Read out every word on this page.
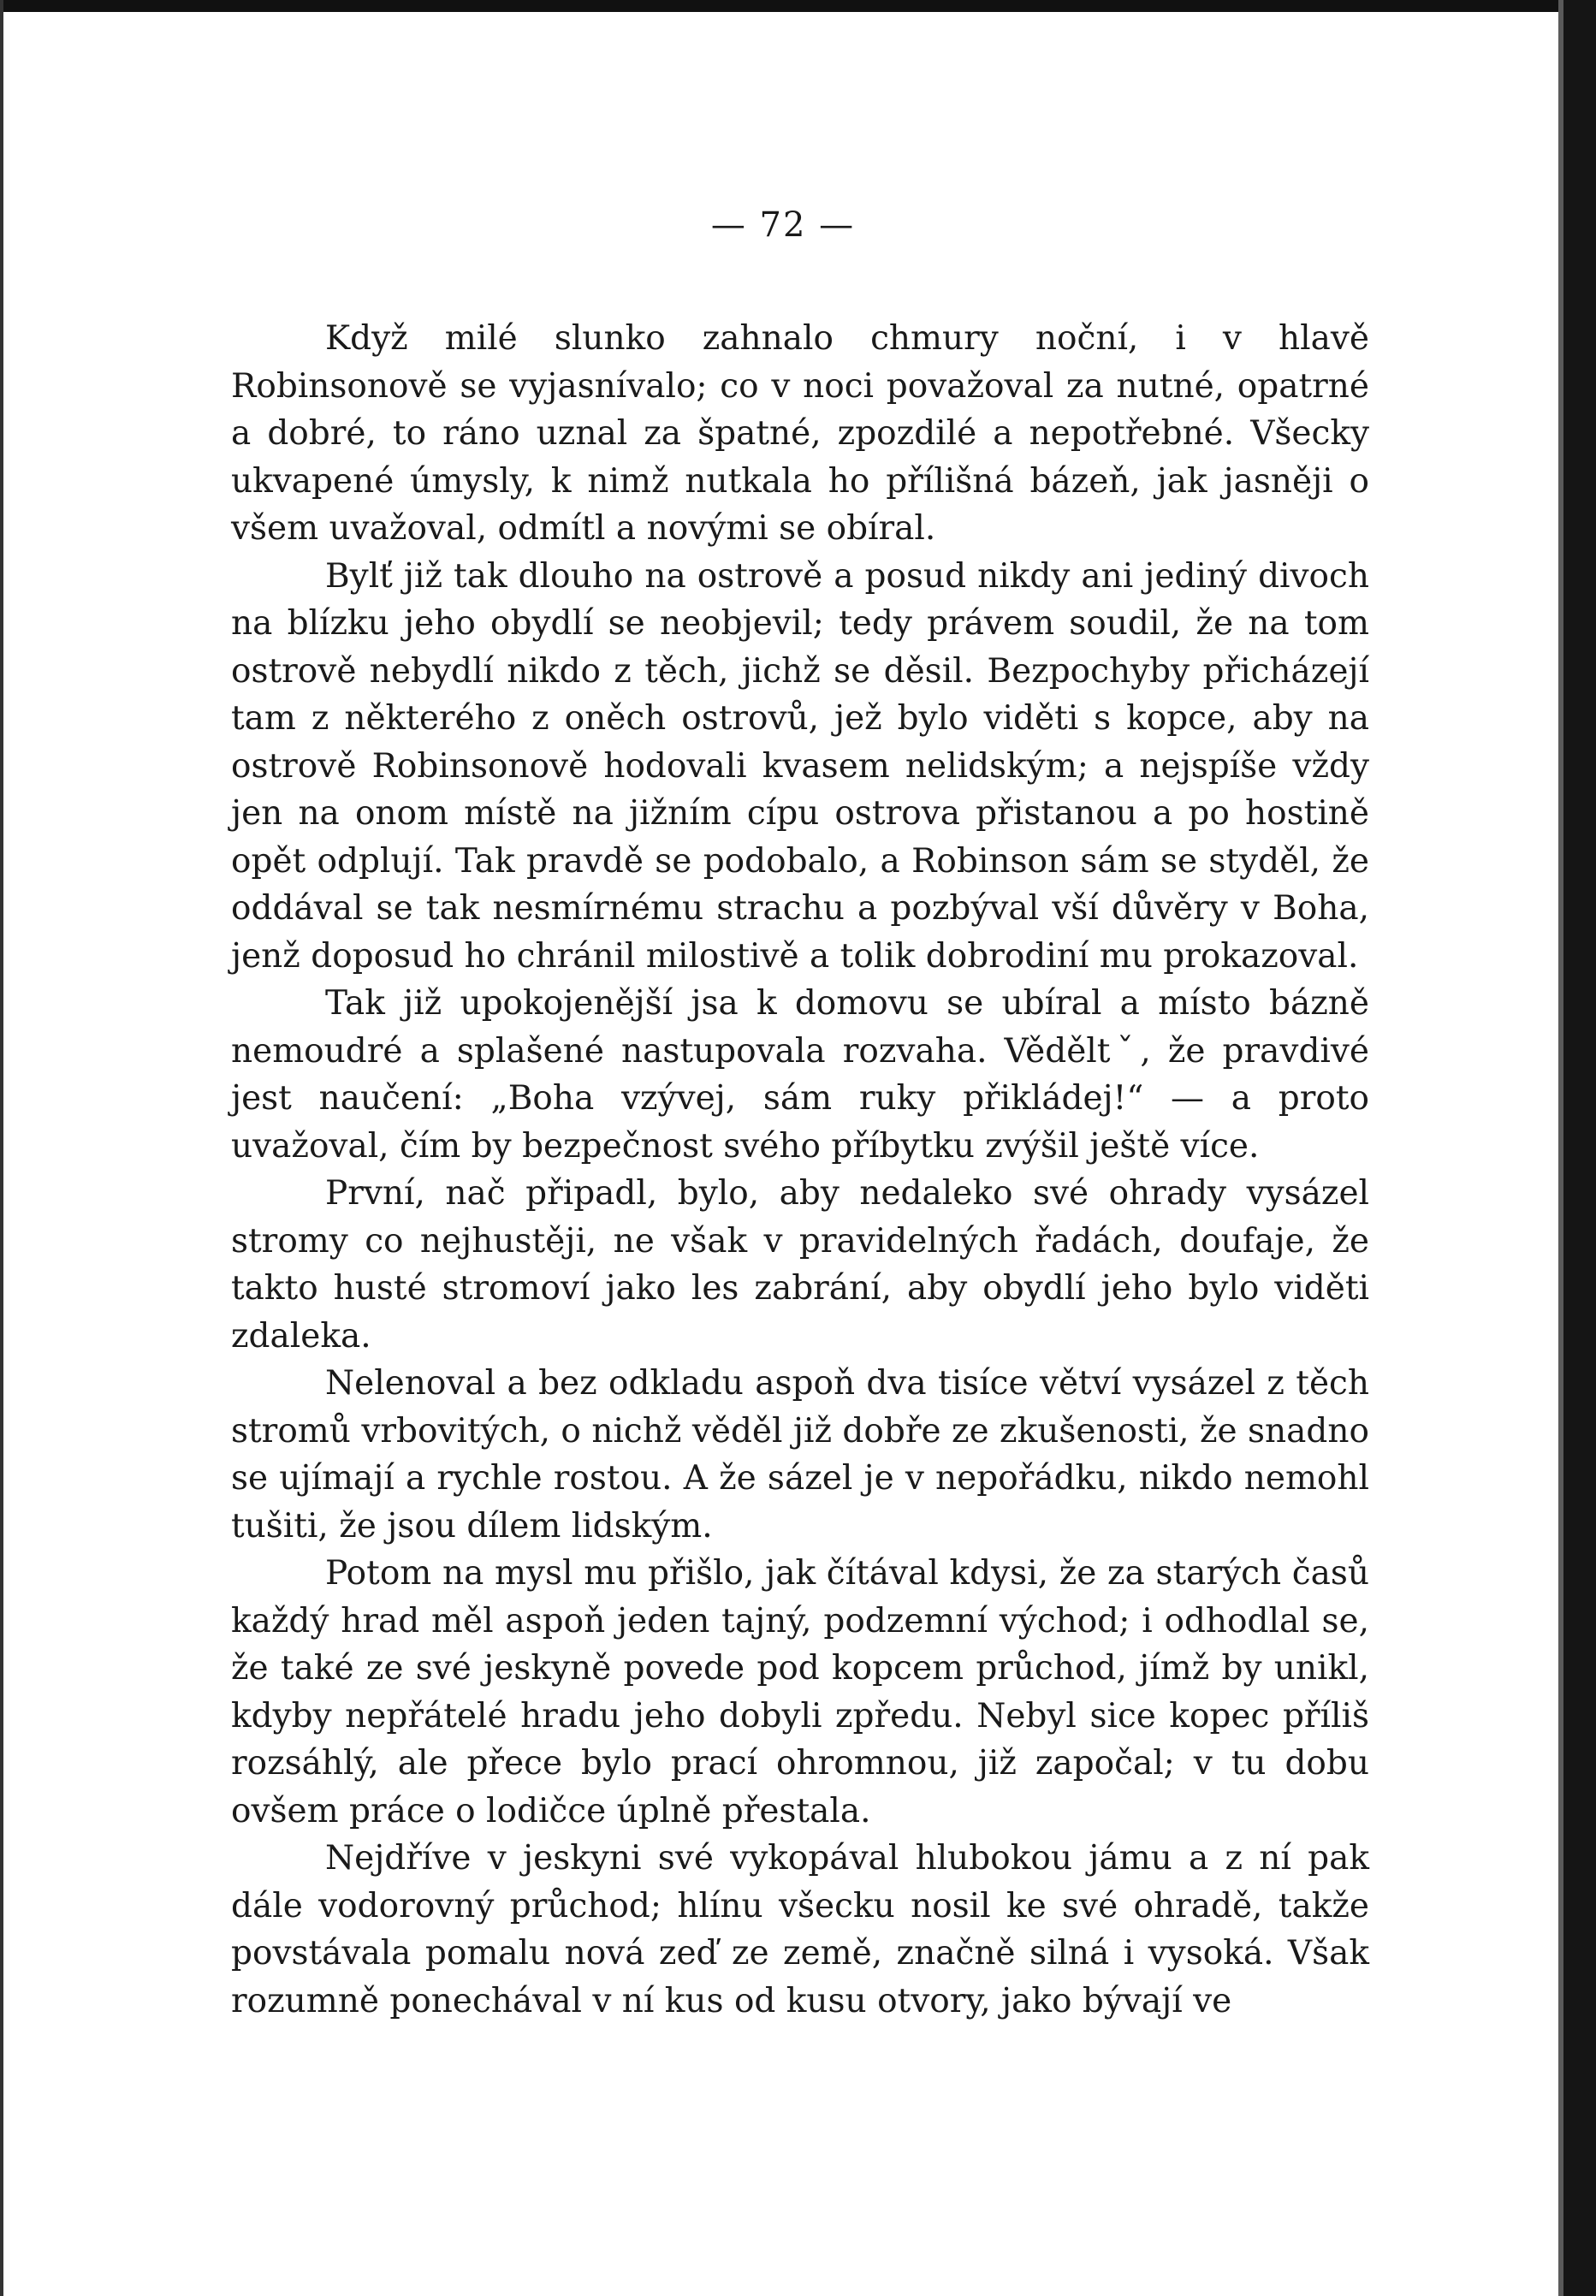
— 72 —

Když milé slunko zahnalo chmury noční, i v hlavě Robinsonově se vyjasnívalo; co v noci považoval za nutné, opatrné a dobré, to ráno uznal za špatné, zpozdilé a nepotřebné. Všecky ukvapené úmysly, k nimž nutkala ho přílišná bázeň, jak jasněji o všem uvažoval, odmítl a novými se obíral.

Bylť již tak dlouho na ostrově a posud nikdy ani jediný divoch na blízku jeho obydlí se neobjevil; tedy právem soudil, že na tom ostrově nebydlí nikdo z těch, jichž se děsil. Bezpochyby přicházejí tam z některého z oněch ostrovů, jež bylo viděti s kopce, aby na ostrově Robinsonově hodovali kvasem nelidským; a nejspíše vždy jen na onom místě na jižním cípu ostrova přistanou a po hostině opět odplují. Tak pravdě se podobalo, a Robinson sám se styděl, že oddával se tak nesmírnému strachu a pozbýval vší důvěry v Boha, jenž doposud ho chránil milostivě a tolik dobrodiní mu prokazoval.

Tak již upokojenější jsa k domovu se ubíral a místo bázně nemoudré a splašené nastupovala rozvaha. Věděltˇ, že pravdivé jest naučení: „Boha vzývej, sám ruky přikládej!“ — a proto uvažoval, čím by bezpečnost svého příbytku zvýšil ještě více.

První, nač připadl, bylo, aby nedaleko své ohrady vysázel stromy co nejhustěji, ne však v pravidelných řadách, doufaje, že takto husté stromoví jako les zabrání, aby obydlí jeho bylo viděti zdaleka.

Nelenoval a bez odkladu aspoň dva tisíce větví vysázel z těch stromů vrbovitých, o nichž věděl již dobře ze zkušenosti, že snadno se ujímají a rychle rostou. A že sázel je v nepořádku, nikdo nemohl tušiti, že jsou dílem lidským.

Potom na mysl mu přišlo, jak čítával kdysi, že za starých časů každý hrad měl aspoň jeden tajný, podzemní východ; i odhodlal se, že také ze své jeskyně povede pod kopcem průchod, jímž by unikl, kdyby nepřátelé hradu jeho dobyli zpředu. Nebyl sice kopec příliš rozsáhlý, ale přece bylo prací ohromnou, již započal; v tu dobu ovšem práce o lodičce úplně přestala.

Nejdříve v jeskyni své vykopával hlubokou jámu a z ní pak dále vodorovný průchod; hlínu všecku nosil ke své ohradě, takže povstávala pomalu nová zeď ze země, značně silná i vysoká. Však rozumně ponechával v ní kus od kusu otvory, jako bývají ve
